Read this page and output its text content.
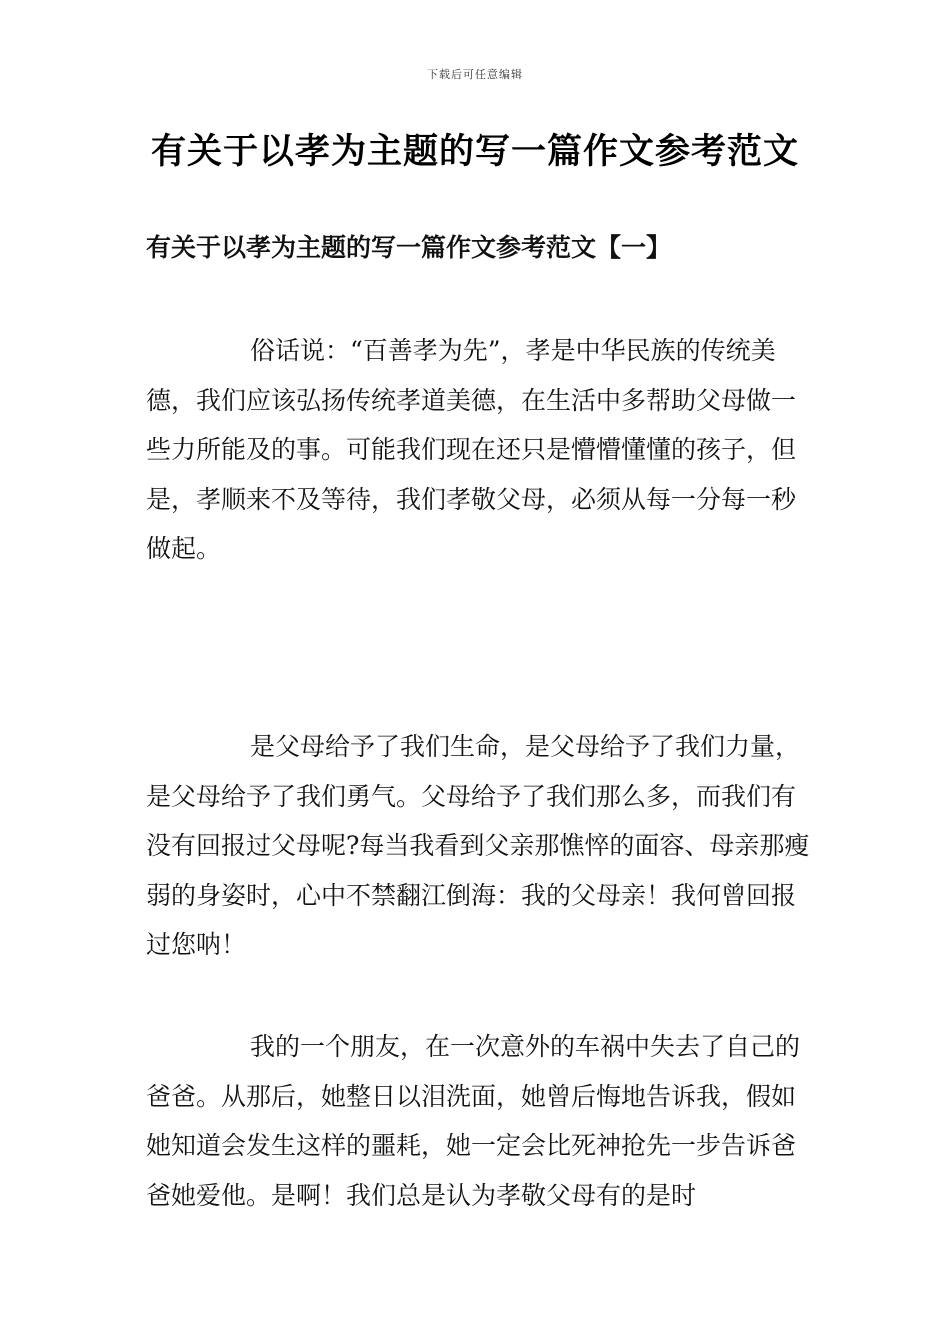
下载后可任意编辑
有关于以孝为主题的写一篇作文参考范文
有关于以孝为主题的写一篇作文参考范文【一】

俗话说：“百善孝为先”，孝是中华民族的传统美德，我们应该弘扬传统孝道美德，在生活中多帮助父母做一些力所能及的事。可能我们现在还只是懵懵懂懂的孩子，但是，孝顺来不及等待，我们孝敬父母，必须从每一分每一秒做起。

是父母给予了我们生命，是父母给予了我们力量，是父母给予了我们勇气。父母给予了我们那么多，而我们有没有回报过父母呢?每当我看到父亲那憔悴的面容、母亲那瘦弱的身姿时，心中不禁翻江倒海：我的父母亲！我何曾回报过您呐！

我的一个朋友，在一次意外的车祸中失去了自己的爸爸。从那后，她整日以泪洗面，她曾后悔地告诉我，假如她知道会发生这样的噩耗，她一定会比死神抢先一步告诉爸爸她爱他。是啊！我们总是认为孝敬父母有的是时
